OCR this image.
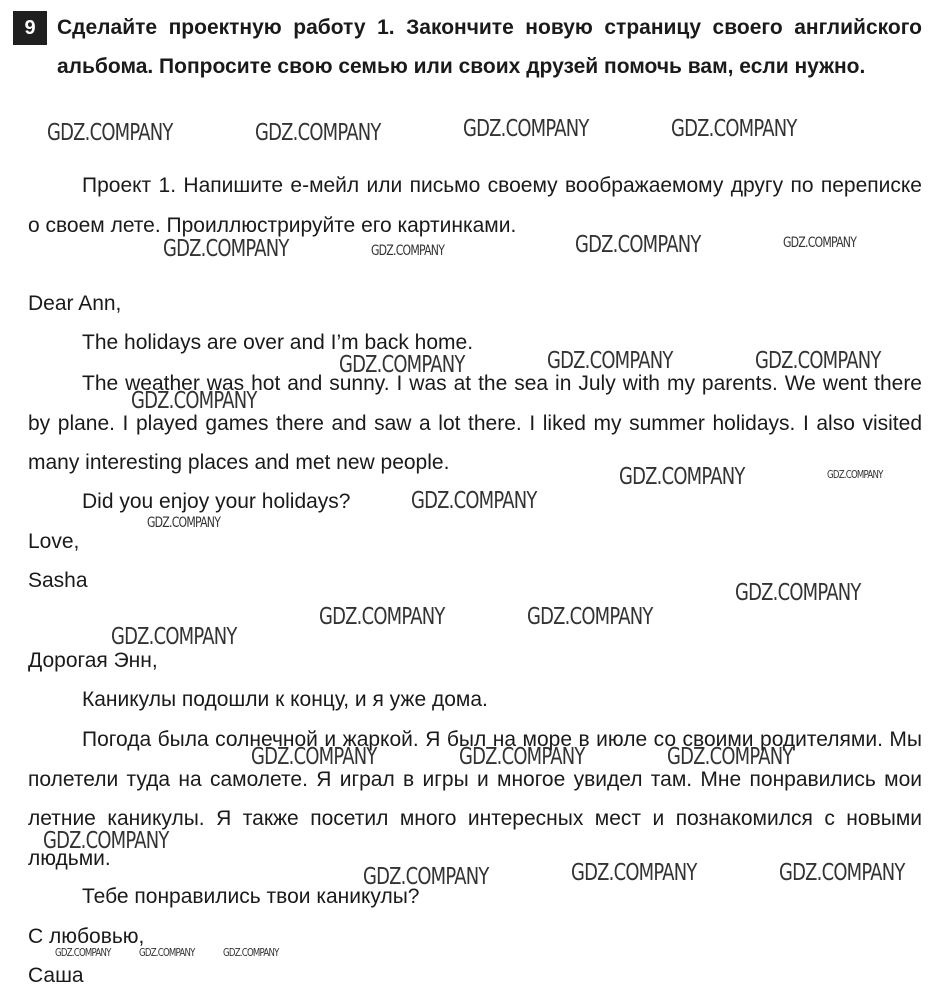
9	Сделайте проектную работу 1. Закончите новую страницу своего английского альбома. Попросите свою семью или своих друзей помочь вам, если нужно.
Проект 1. Напишите е-мейл или письмо своему воображаемому другу по переписке о своем лете. Проиллюстрируйте его картинками.
Dear Ann,
The holidays are over and I’m back home.
The weather was hot and sunny. I was at the sea in July with my parents. We went there by plane. I played games there and saw a lot there. I liked my summer holidays. I also visited many interesting places and met new people.
Did you enjoy your holidays?
Love,
Sasha
Дорогая Энн,
Каникулы подошли к концу, и я уже дома.
Погода была солнечной и жаркой. Я был на море в июле со своими родителями. Мы полетели туда на самолете. Я играл в игры и многое увидел там. Мне понравились мои летние каникулы. Я также посетил много интересных мест и познакомился с новыми людьми.
Тебе понравились твои каникулы?
С любовью,
Саша
GDZ.COMPANY	GDZ.COMPANY	GDZ.COMPANY	GDZ.COMPANY
GDZ.COMPANY	GDZ.COMPANY	GDZ.COMPANY	GDZ.COMPANY
GDZ.COMPANY	GDZ.COMPANY	GDZ.COMPANY
GDZ.COMPANY
GDZ.COMPANY	GDZ.COMPANY
GDZ.COMPANY
GDZ.COMPANY
GDZ.COMPANY
GDZ.COMPANY	GDZ.COMPANY
GDZ.COMPANY
GDZ.COMPANY	GDZ.COMPANY	GDZ.COMPANY
GDZ.COMPANY
GDZ.COMPANY	GDZ.COMPANY	GDZ.COMPANY
GDZ.COMPANY	GDZ.COMPANY	GDZ.COMPANY
